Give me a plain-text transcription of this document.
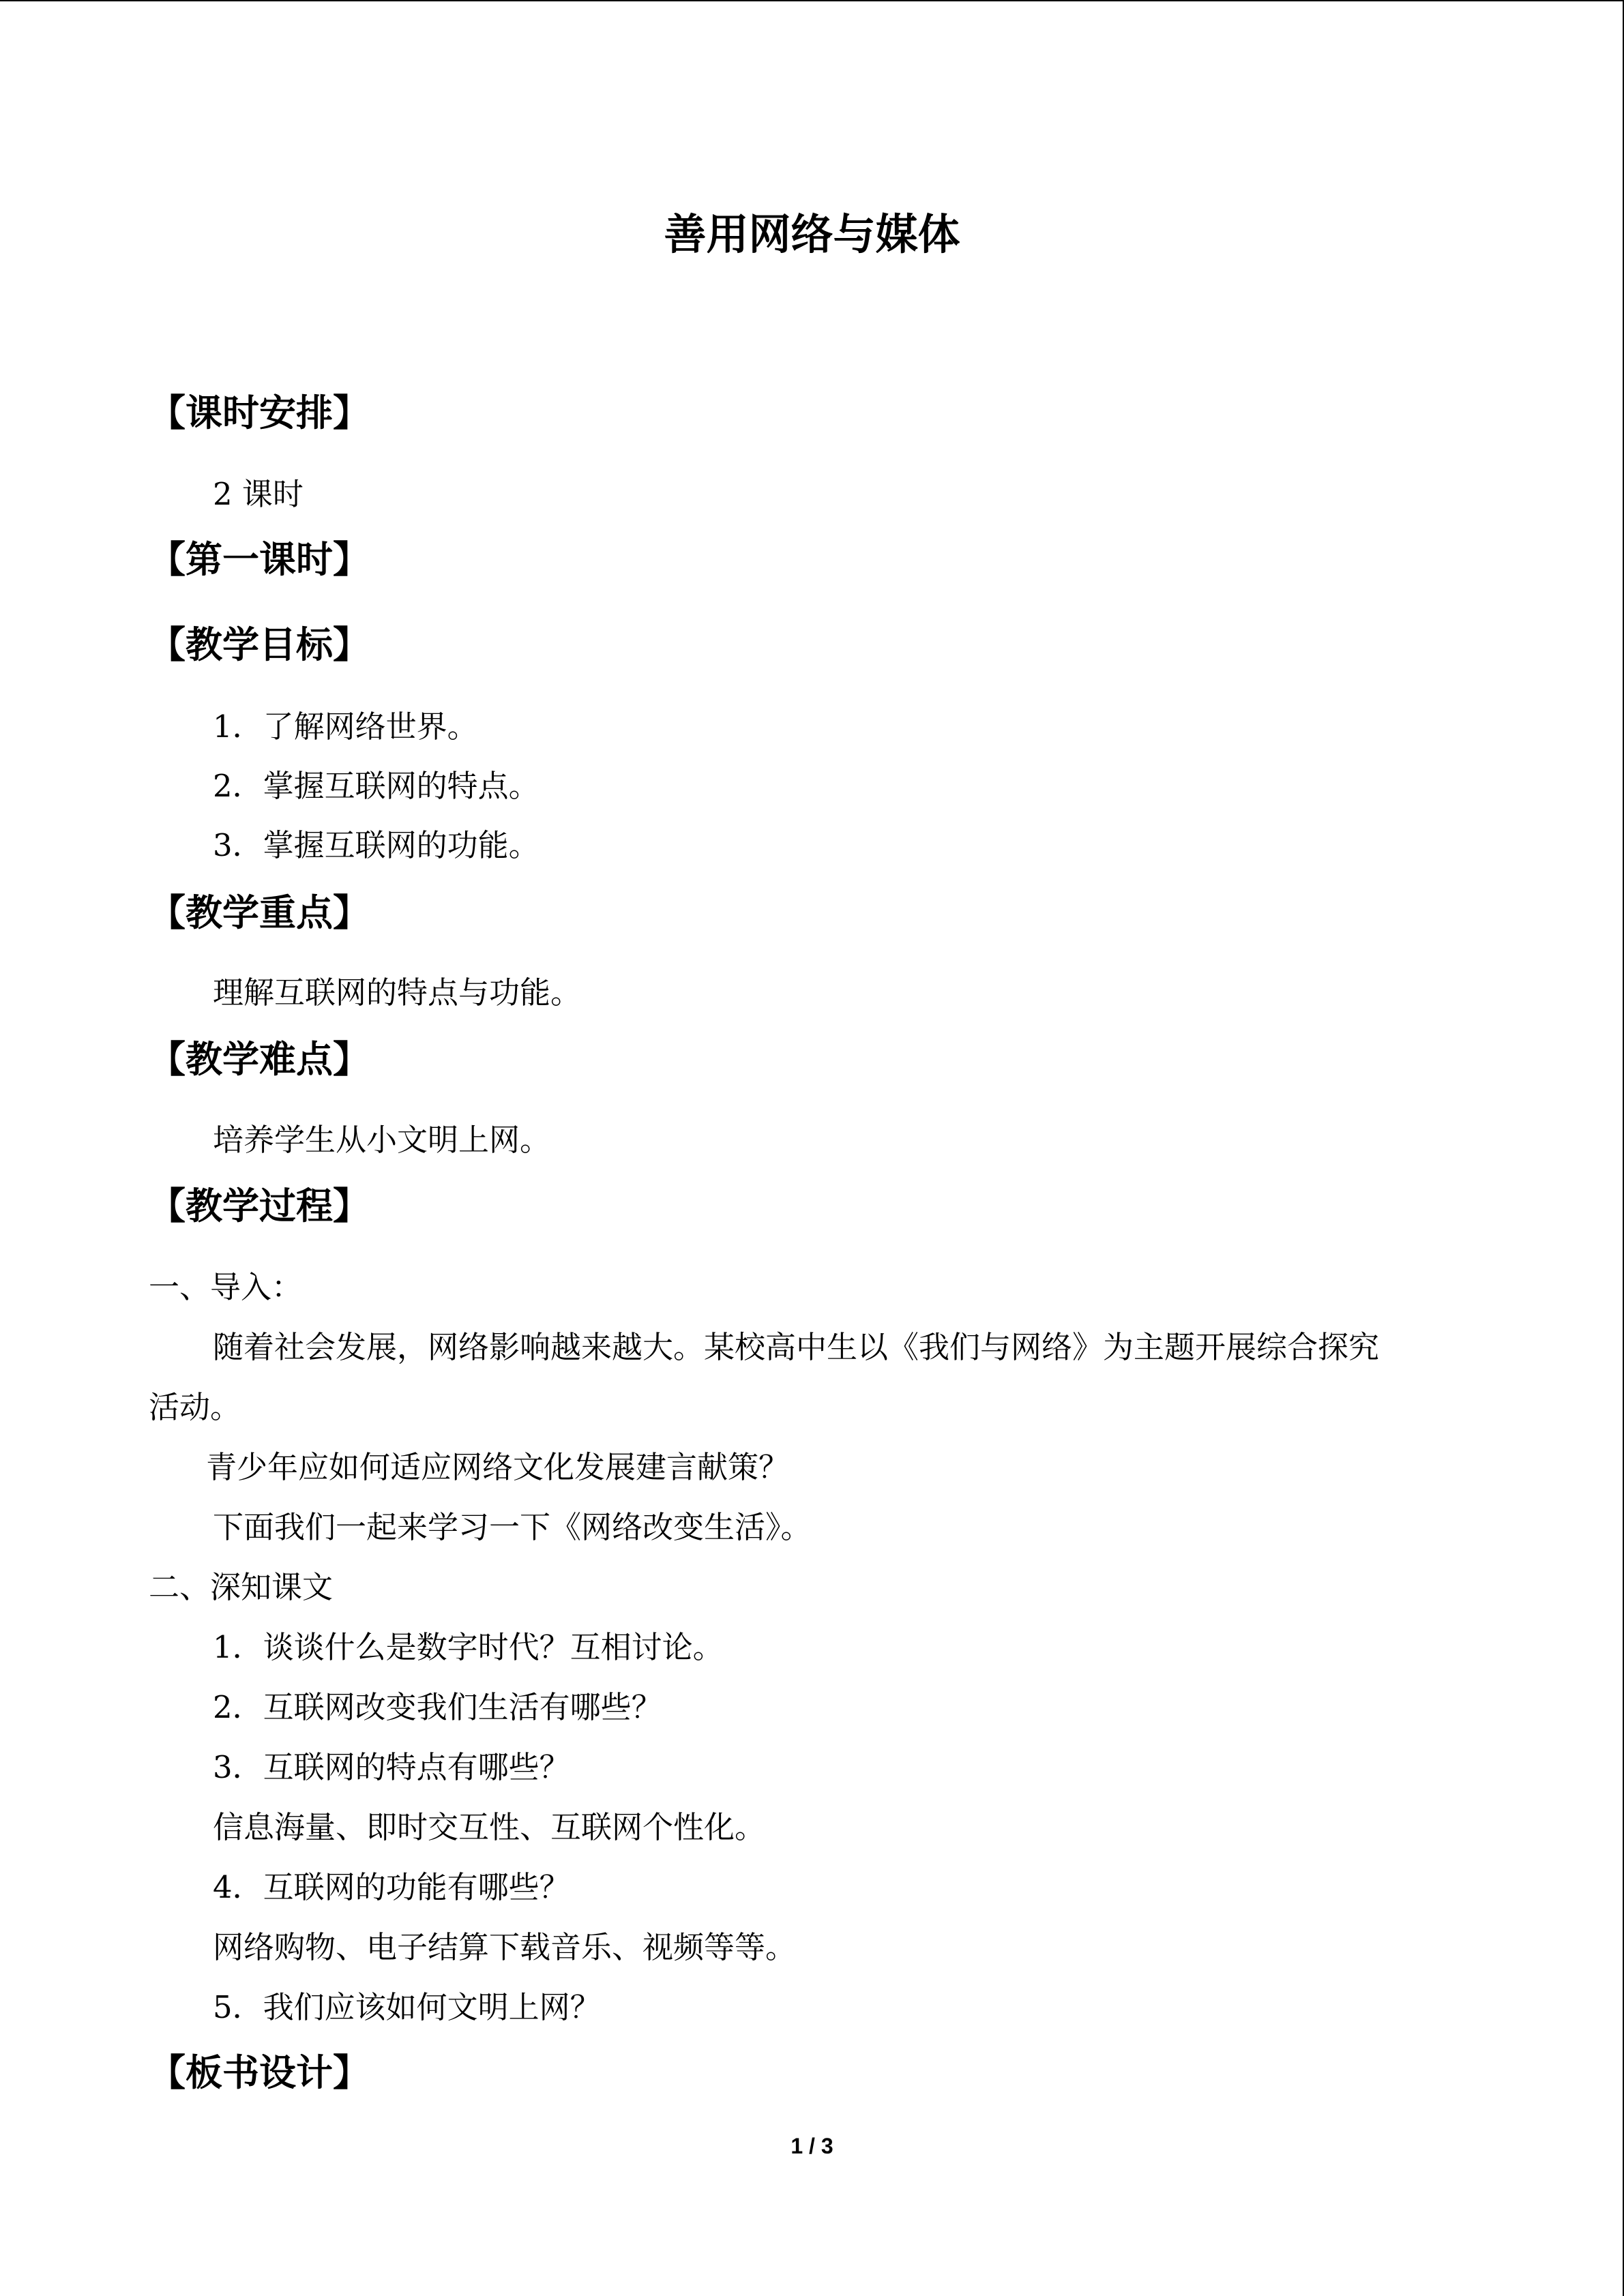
善用网络与媒体
【课时安排】
2 课时
【第一课时】
【教学目标】
1．了解网络世界。
2．掌握互联网的特点。
3．掌握互联网的功能。
【教学重点】
理解互联网的特点与功能。
【教学难点】
培养学生从小文明上网。
【教学过程】
一、导入：
随着社会发展，网络影响越来越大。某校高中生以《我们与网络》为主题开展综合探究
活动。
青少年应如何适应网络文化发展建言献策？
下面我们一起来学习一下《网络改变生活》。
二、深知课文
1．谈谈什么是数字时代？互相讨论。
2．互联网改变我们生活有哪些？
3．互联网的特点有哪些？
信息海量、即时交互性、互联网个性化。
4．互联网的功能有哪些？
网络购物、电子结算下载音乐、视频等等。
5．我们应该如何文明上网？
【板书设计】
1 / 3
